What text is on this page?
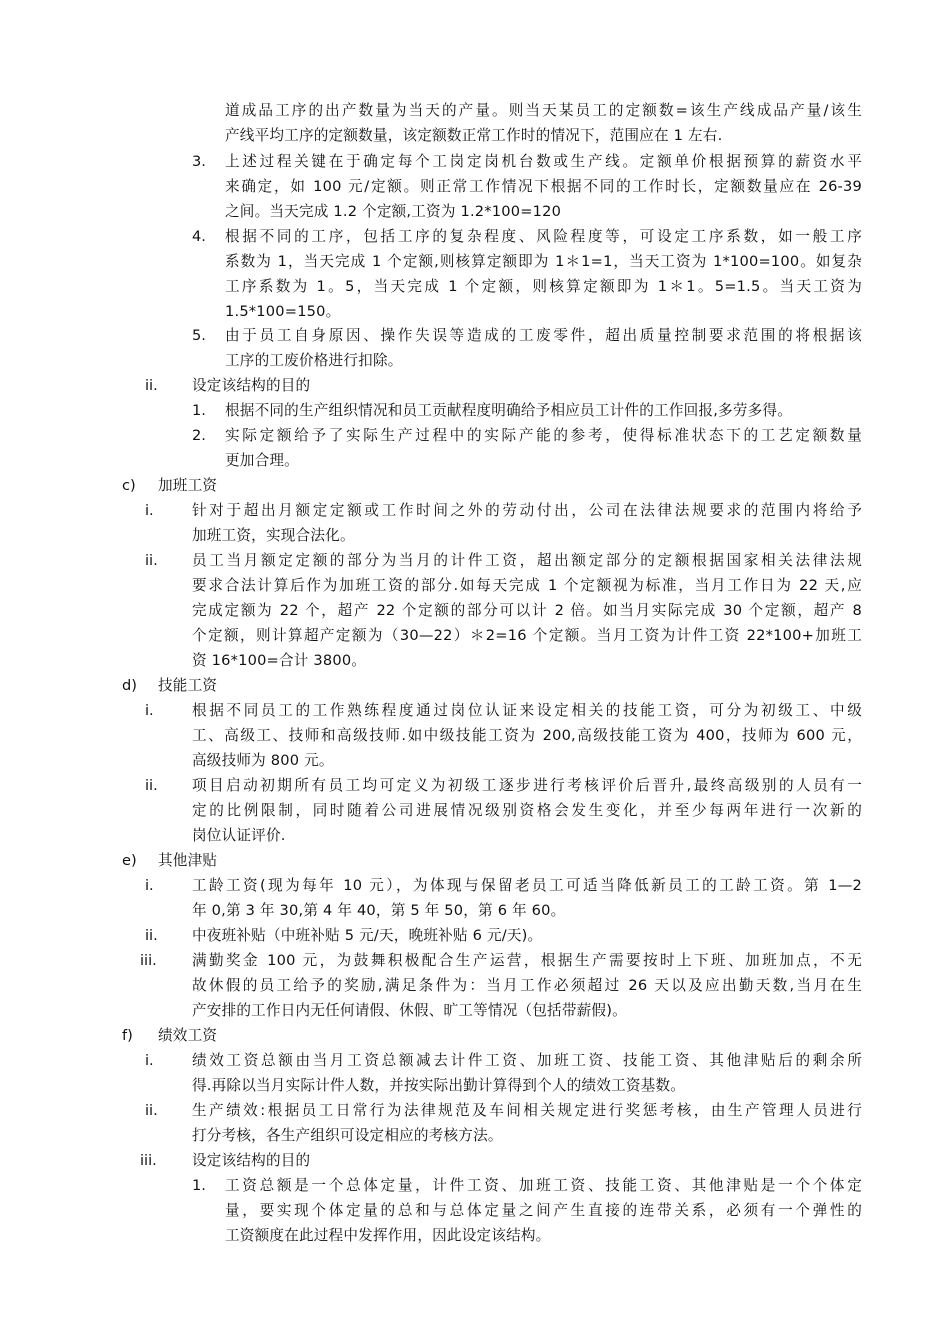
道成品工序的出产数量为当天的产量。则当天某员工的定额数=该生产线成品产量/该生
产线平均工序的定额数量，该定额数正常工作时的情况下，范围应在 1 左右.
3. 上述过程关键在于确定每个工岗定岗机台数或生产线。定额单价根据预算的薪资水平
来确定，如 100 元/定额。则正常工作情况下根据不同的工作时长，定额数量应在 26-39
之间。当天完成 1.2 个定额,工资为 1.2*100=120
4. 根据不同的工序，包括工序的复杂程度、风险程度等，可设定工序系数，如一般工序
系数为 1，当天完成 1 个定额,则核算定额即为 1＊1=1，当天工资为 1*100=100。如复杂
工序系数为 1。5，当天完成 1 个定额，则核算定额即为 1＊1。5=1.5。当天工资为
1.5*100=150。
5. 由于员工自身原因、操作失误等造成的工废零件，超出质量控制要求范围的将根据该
工序的工废价格进行扣除。
ii. 设定该结构的目的
1. 根据不同的生产组织情况和员工贡献程度明确给予相应员工计件的工作回报,多劳多得。
2. 实际定额给予了实际生产过程中的实际产能的参考，使得标准状态下的工艺定额数量
更加合理。
c) 加班工资
i.	针对于超出月额定定额或工作时间之外的劳动付出，公司在法律法规要求的范围内将给予
加班工资，实现合法化。
ii. 员工当月额定定额的部分为当月的计件工资，超出额定部分的定额根据国家相关法律法规
要求合法计算后作为加班工资的部分.如每天完成 1 个定额视为标准，当月工作日为 22 天,应
完成定额为 22 个，超产 22 个定额的部分可以计 2 倍。如当月实际完成 30 个定额，超产 8
个定额，则计算超产定额为（30—22）＊2=16 个定额。当月工资为计件工资 22*100+加班工
资 16*100=合计 3800。
d) 技能工资
i.	根据不同员工的工作熟练程度通过岗位认证来设定相关的技能工资，可分为初级工、中级
工、高级工、技师和高级技师.如中级技能工资为 200,高级技能工资为 400，技师为 600 元，
高级技师为 800 元。
ii. 项目启动初期所有员工均可定义为初级工逐步进行考核评价后晋升,最终高级别的人员有一
定的比例限制，同时随着公司进展情况级别资格会发生变化，并至少每两年进行一次新的
岗位认证评价.
e) 其他津贴
i.	工龄工资(现为每年 10 元），为体现与保留老员工可适当降低新员工的工龄工资。第 1—2
年 0,第 3 年 30,第 4 年 40，第 5 年 50，第 6 年 60。
ii. 中夜班补贴（中班补贴 5 元/天，晚班补贴 6 元/天)。
iii. 满勤奖金 100 元，为鼓舞积极配合生产运营，根据生产需要按时上下班、加班加点，不无
故休假的员工给予的奖励,满足条件为：当月工作必须超过 26 天以及应出勤天数,当月在生
产安排的工作日内无任何请假、休假、旷工等情况（包括带薪假)。
f) 绩效工资
i.	绩效工资总额由当月工资总额减去计件工资、加班工资、技能工资、其他津贴后的剩余所
得.再除以当月实际计件人数，并按实际出勤计算得到个人的绩效工资基数。
ii. 生产绩效:根据员工日常行为法律规范及车间相关规定进行奖惩考核，由生产管理人员进行
打分考核，各生产组织可设定相应的考核方法。
iii. 设定该结构的目的
1. 工资总额是一个总体定量，计件工资、加班工资、技能工资、其他津贴是一个个体定
量，要实现个体定量的总和与总体定量之间产生直接的连带关系，必须有一个弹性的
工资额度在此过程中发挥作用，因此设定该结构。
